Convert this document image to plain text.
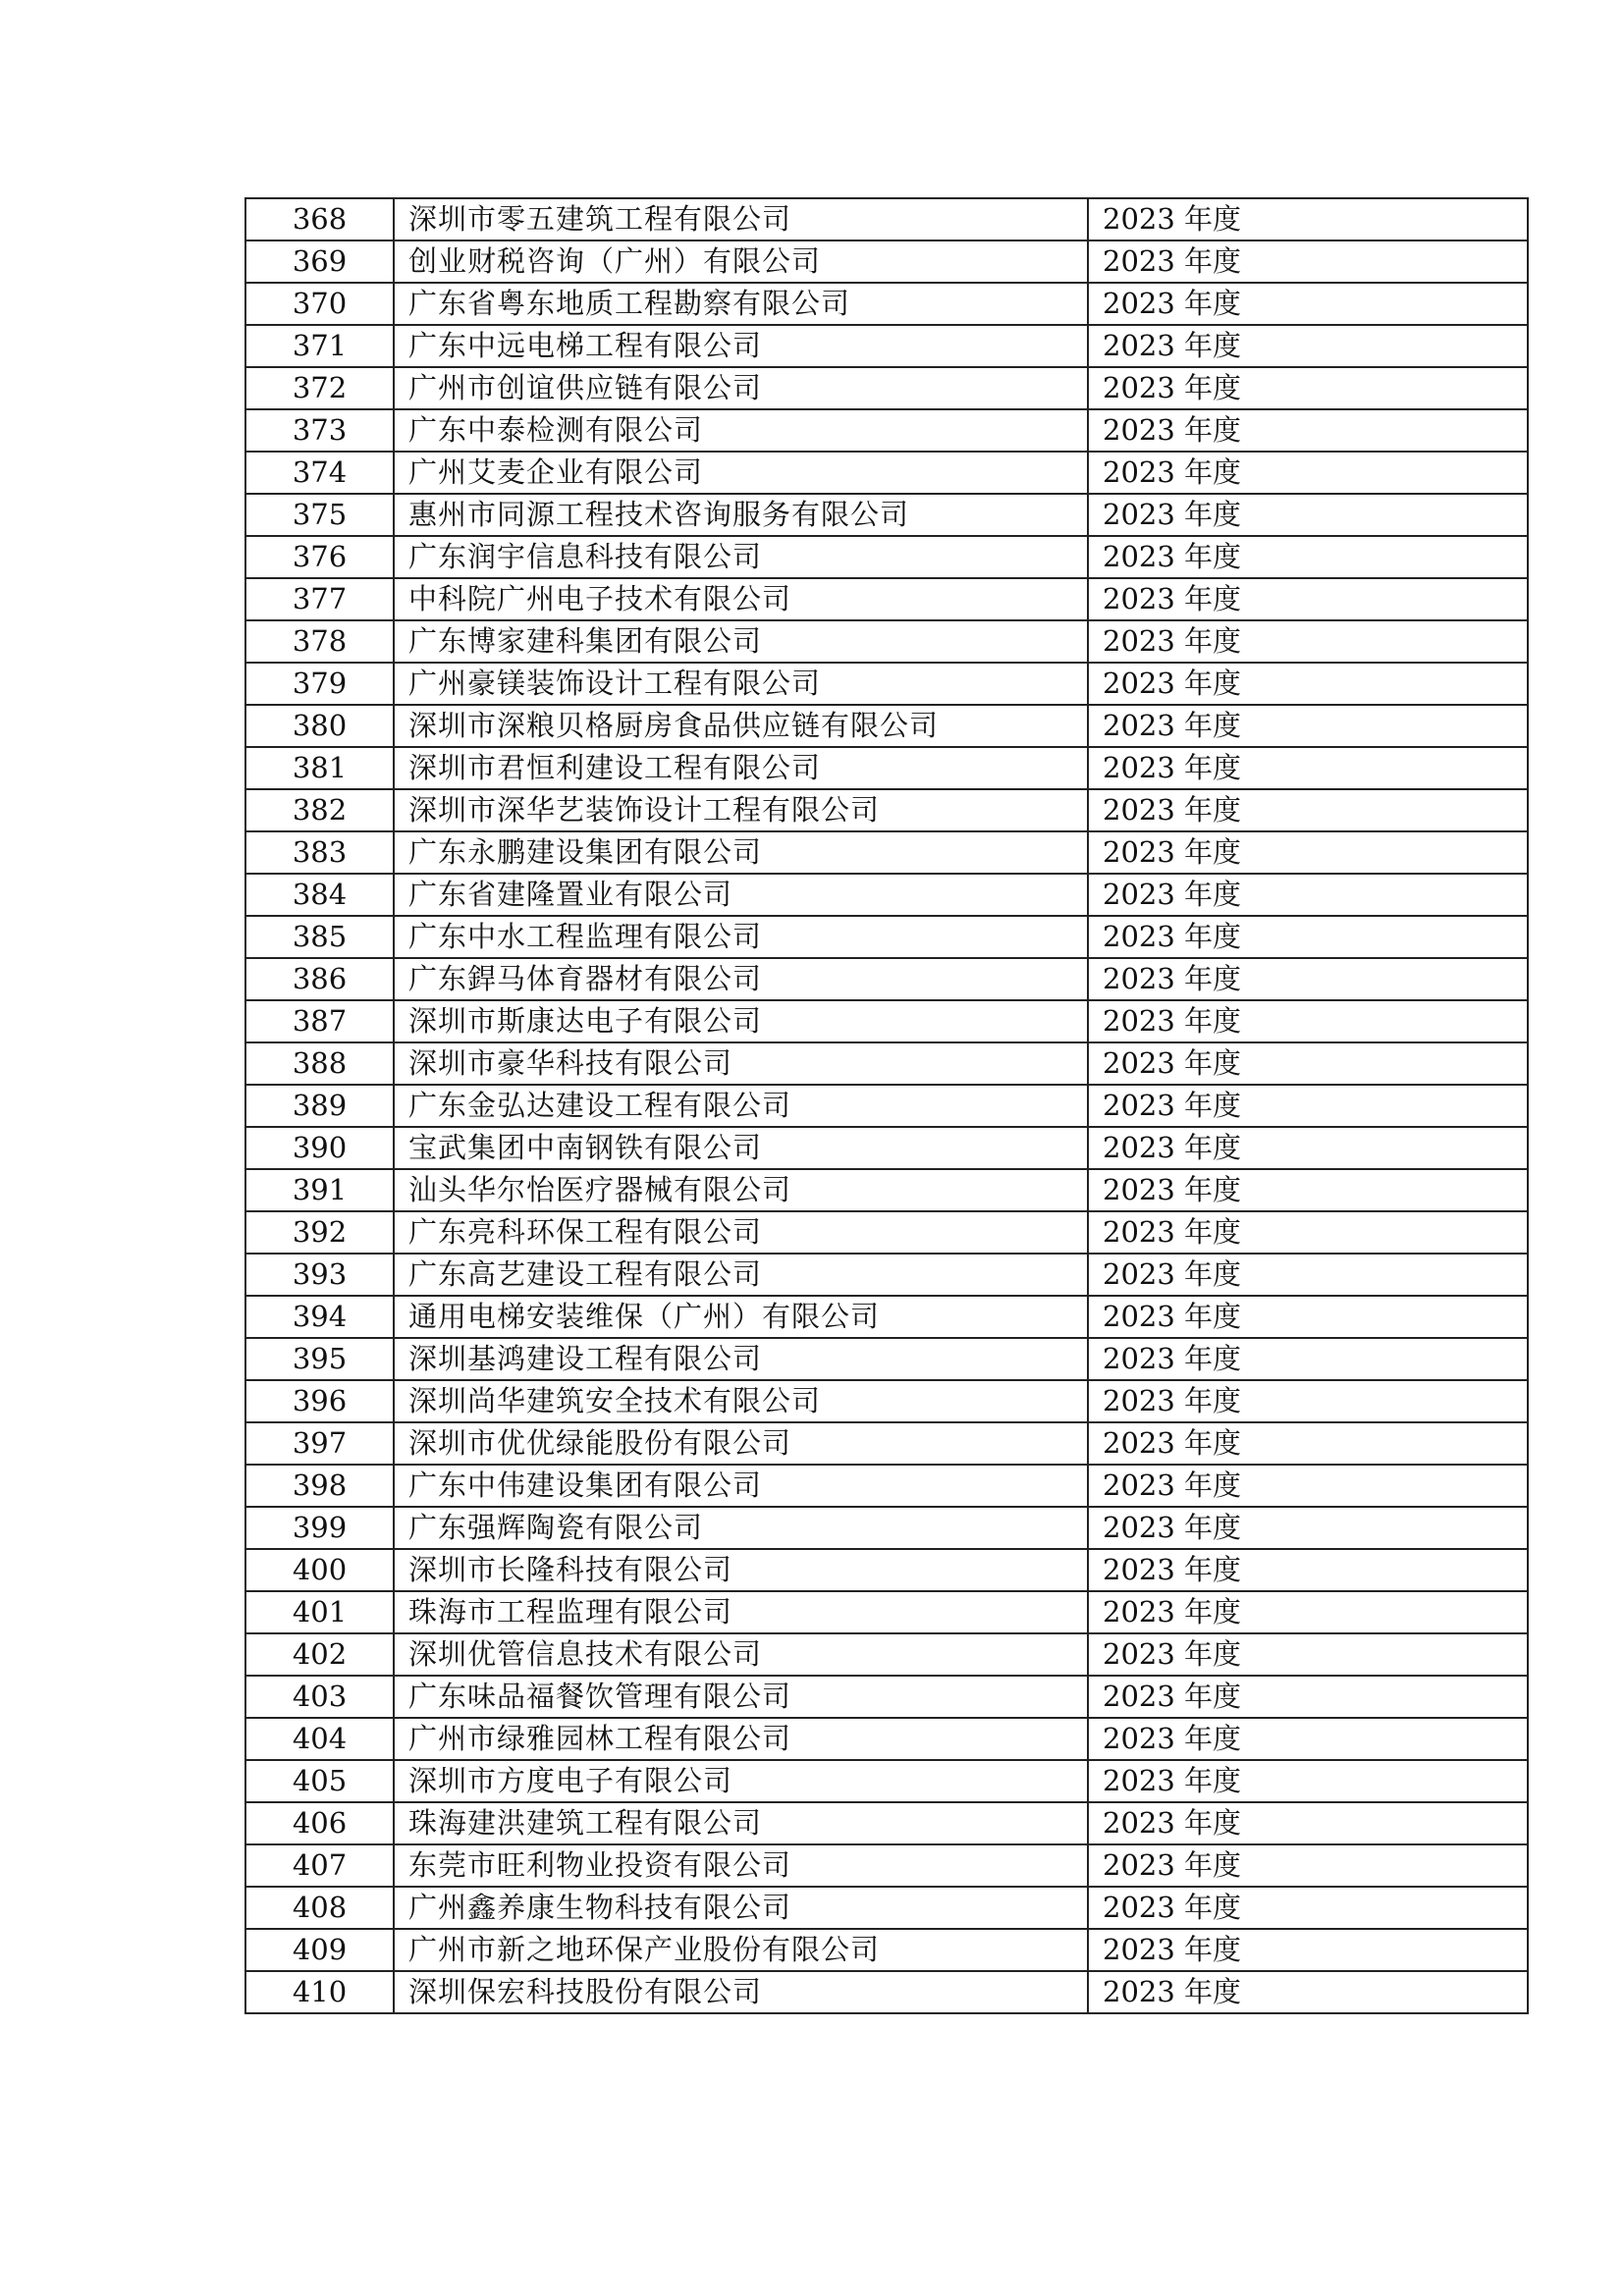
368	深圳市零五建筑工程有限公司	2023 年度
369	创业财税咨询（广州）有限公司	2023 年度
370	广东省粤东地质工程勘察有限公司	2023 年度
371	广东中远电梯工程有限公司	2023 年度
372	广州市创谊供应链有限公司	2023 年度
373	广东中泰检测有限公司	2023 年度
374	广州艾麦企业有限公司	2023 年度
375	惠州市同源工程技术咨询服务有限公司	2023 年度
376	广东润宇信息科技有限公司	2023 年度
377	中科院广州电子技术有限公司	2023 年度
378	广东博家建科集团有限公司	2023 年度
379	广州豪镁装饰设计工程有限公司	2023 年度
380	深圳市深粮贝格厨房食品供应链有限公司	2023 年度
381	深圳市君恒利建设工程有限公司	2023 年度
382	深圳市深华艺装饰设计工程有限公司	2023 年度
383	广东永鹏建设集团有限公司	2023 年度
384	广东省建隆置业有限公司	2023 年度
385	广东中水工程监理有限公司	2023 年度
386	广东銲马体育器材有限公司	2023 年度
387	深圳市斯康达电子有限公司	2023 年度
388	深圳市豪华科技有限公司	2023 年度
389	广东金弘达建设工程有限公司	2023 年度
390	宝武集团中南钢铁有限公司	2023 年度
391	汕头华尔怡医疗器械有限公司	2023 年度
392	广东亮科环保工程有限公司	2023 年度
393	广东高艺建设工程有限公司	2023 年度
394	通用电梯安装维保（广州）有限公司	2023 年度
395	深圳基鸿建设工程有限公司	2023 年度
396	深圳尚华建筑安全技术有限公司	2023 年度
397	深圳市优优绿能股份有限公司	2023 年度
398	广东中伟建设集团有限公司	2023 年度
399	广东强辉陶瓷有限公司	2023 年度
400	深圳市长隆科技有限公司	2023 年度
401	珠海市工程监理有限公司	2023 年度
402	深圳优管信息技术有限公司	2023 年度
403	广东味品福餐饮管理有限公司	2023 年度
404	广州市绿雅园林工程有限公司	2023 年度
405	深圳市方度电子有限公司	2023 年度
406	珠海建洪建筑工程有限公司	2023 年度
407	东莞市旺利物业投资有限公司	2023 年度
408	广州鑫养康生物科技有限公司	2023 年度
409	广州市新之地环保产业股份有限公司	2023 年度
410	深圳保宏科技股份有限公司	2023 年度
